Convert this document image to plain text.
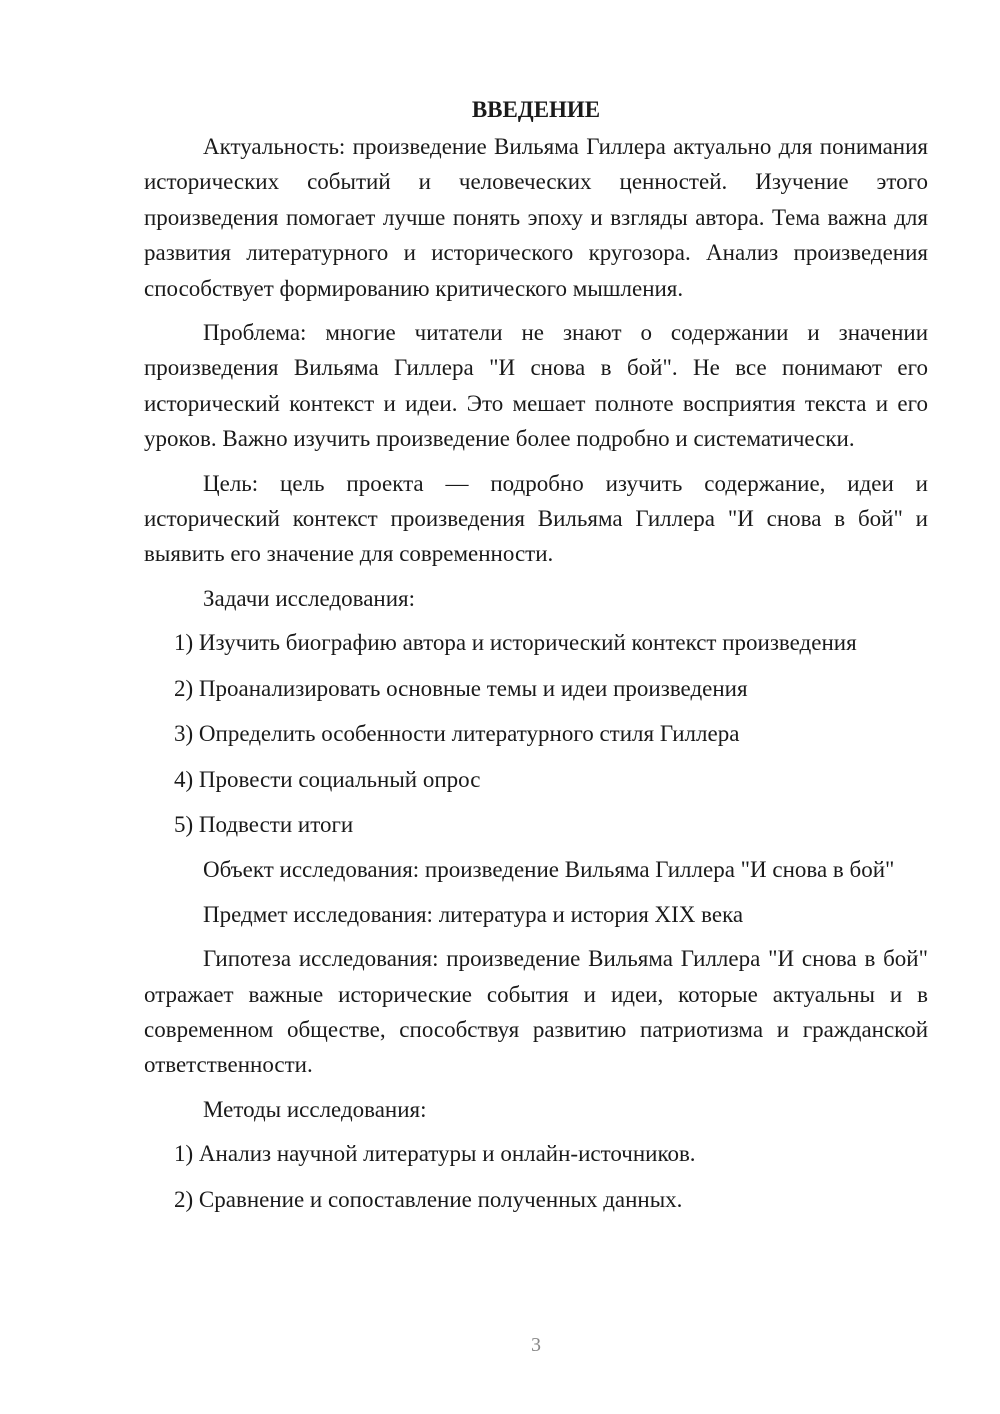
ВВЕДЕНИЕ

Актуальность: произведение Вильяма Гиллера актуально для понимания исторических событий и человеческих ценностей. Изучение этого произведения помогает лучше понять эпоху и взгляды автора. Тема важна для развития литературного и исторического кругозора. Анализ произведения способствует формированию критического мышления.

Проблема: многие читатели не знают о содержании и значении произведения Вильяма Гиллера "И снова в бой". Не все понимают его исторический контекст и идеи. Это мешает полноте восприятия текста и его уроков. Важно изучить произведение более подробно и систематически.

Цель: цель проекта — подробно изучить содержание, идеи и исторический контекст произведения Вильяма Гиллера "И снова в бой" и выявить его значение для современности.

Задачи исследования:

1) Изучить биографию автора и исторический контекст произведения
2) Проанализировать основные темы и идеи произведения
3) Определить особенности литературного стиля Гиллера
4) Провести социальный опрос
5) Подвести итоги

Объект исследования: произведение Вильяма Гиллера "И снова в бой"

Предмет исследования: литература и история XIX века

Гипотеза исследования: произведение Вильяма Гиллера "И снова в бой" отражает важные исторические события и идеи, которые актуальны и в современном обществе, способствуя развитию патриотизма и гражданской ответственности.

Методы исследования:

1) Анализ научной литературы и онлайн-источников.
2) Сравнение и сопоставление полученных данных.
3
